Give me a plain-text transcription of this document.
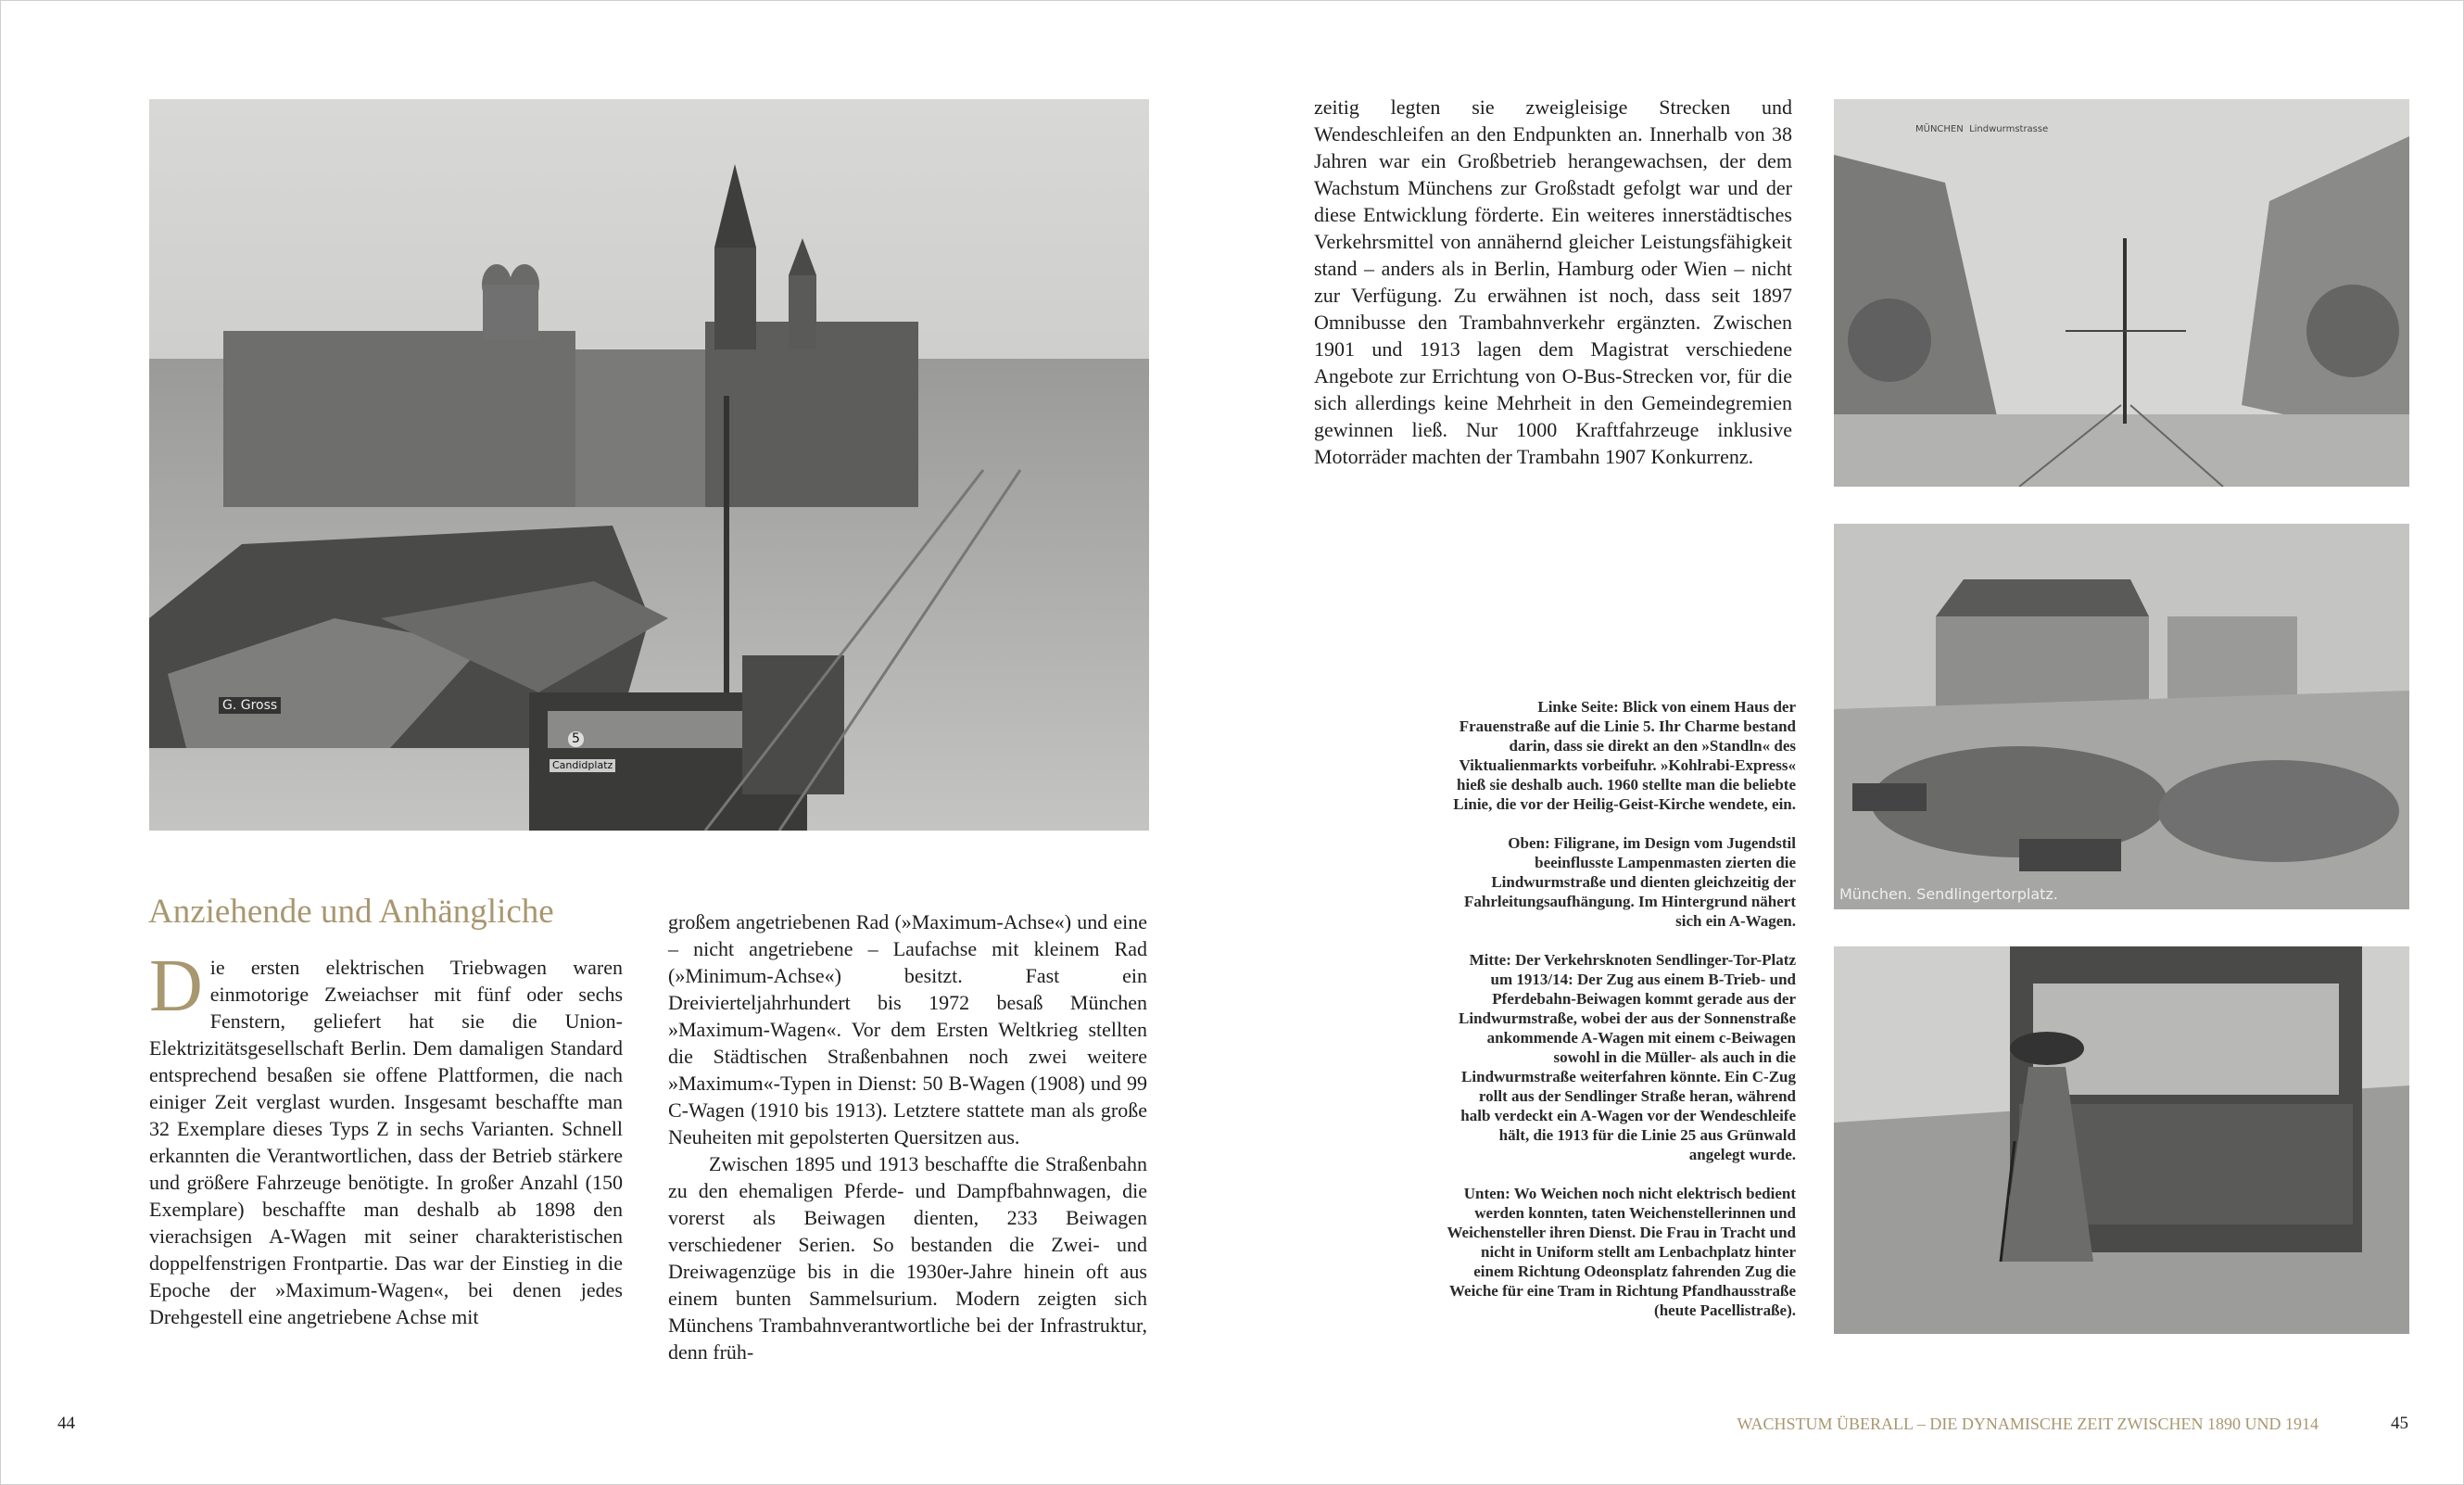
G. Gross
5
Candidplatz
Anziehende und Anhängliche

Die ersten elektrischen Triebwagen waren einmotorige Zweiachser mit fünf oder sechs Fenstern, geliefert hat sie die Union-Elektrizitätsgesellschaft Berlin. Dem damaligen Standard entsprechend besaßen sie offene Plattformen, die nach einiger Zeit verglast wurden. Insgesamt beschaffte man 32 Exemplare dieses Typs Z in sechs Varianten. Schnell erkannten die Verantwortlichen, dass der Betrieb stärkere und größere Fahrzeuge benötigte. In großer Anzahl (150 Exemplare) beschaffte man deshalb ab 1898 den vierachsigen A-Wagen mit seiner charakteristischen doppelfenstrigen Frontpartie. Das war der Einstieg in die Epoche der »Maximum-Wagen«, bei denen jedes Drehgestell eine angetriebene Achse mit

großem angetriebenen Rad (»Maximum-Achse«) und eine – nicht angetriebene – Laufachse mit kleinem Rad (»Minimum-Achse«) besitzt. Fast ein Dreivierteljahrhundert bis 1972 besaß München »Maximum-Wagen«. Vor dem Ersten Weltkrieg stellten die Städtischen Straßenbahnen noch zwei weitere »Maximum«-Typen in Dienst: 50 B-Wagen (1908) und 99 C-Wagen (1910 bis 1913). Letztere stattete man als große Neuheiten mit gepolsterten Quersitzen aus.

Zwischen 1895 und 1913 beschaffte die Straßenbahn zu den ehemaligen Pferde- und Dampfbahnwagen, die vorerst als Beiwagen dienten, 233 Beiwagen verschiedener Serien. So bestanden die Zwei- und Dreiwagenzüge bis in die 1930er-Jahre hinein oft aus einem bunten Sammelsurium. Modern zeigten sich Münchens Trambahnverantwortliche bei der Infrastruktur, denn früh-

44

zeitig legten sie zweigleisige Strecken und Wendeschleifen an den Endpunkten an. Innerhalb von 38 Jahren war ein Großbetrieb herangewachsen, der dem Wachstum Münchens zur Großstadt gefolgt war und der diese Entwicklung förderte. Ein weiteres innerstädtisches Verkehrsmittel von annähernd gleicher Leistungsfähigkeit stand – anders als in Berlin, Hamburg oder Wien – nicht zur Verfügung. Zu erwähnen ist noch, dass seit 1897 Omnibusse den Trambahnverkehr ergänzten. Zwischen 1901 und 1913 lagen dem Magistrat verschiedene Angebote zur Errichtung von O-Bus-Strecken vor, für die sich allerdings keine Mehrheit in den Gemeindegremien gewinnen ließ. Nur 1000 Kraftfahrzeuge inklusive Motorräder machten der Trambahn 1907 Konkurrenz.

MÜNCHEN  Lindwurmstrasse
München. Sendlingertorplatz.

Linke Seite: Blick von einem Haus der Frauenstraße auf die Linie 5. Ihr Charme bestand darin, dass sie direkt an den »Standln« des Viktualienmarkts vorbeifuhr. »Kohlrabi-Express« hieß sie deshalb auch. 1960 stellte man die beliebte Linie, die vor der Heilig-Geist-Kirche wendete, ein.

Oben: Filigrane, im Design vom Jugendstil beeinflusste Lampenmasten zierten die Lindwurmstraße und dienten gleichzeitig der Fahrleitungsaufhängung. Im Hintergrund nähert sich ein A-Wagen.

Mitte: Der Verkehrsknoten Sendlinger-Tor-Platz um 1913/14: Der Zug aus einem B-Trieb- und Pferdebahn-Beiwagen kommt gerade aus der Lindwurmstraße, wobei der aus der Sonnenstraße ankommende A-Wagen mit einem c-Beiwagen sowohl in die Müller- als auch in die Lindwurmstraße weiterfahren könnte. Ein C-Zug rollt aus der Sendlinger Straße heran, während halb verdeckt ein A-Wagen vor der Wendeschleife hält, die 1913 für die Linie 25 aus Grünwald angelegt wurde.

Unten: Wo Weichen noch nicht elektrisch bedient werden konnten, taten Weichenstellerinnen und Weichensteller ihren Dienst. Die Frau in Tracht und nicht in Uniform stellt am Lenbachplatz hinter einem Richtung Odeonsplatz fahrenden Zug die Weiche für eine Tram in Richtung Pfandhausstraße (heute Pacellistraße).

WACHSTUM ÜBERALL – DIE DYNAMISCHE ZEIT ZWISCHEN 1890 UND 1914	45
